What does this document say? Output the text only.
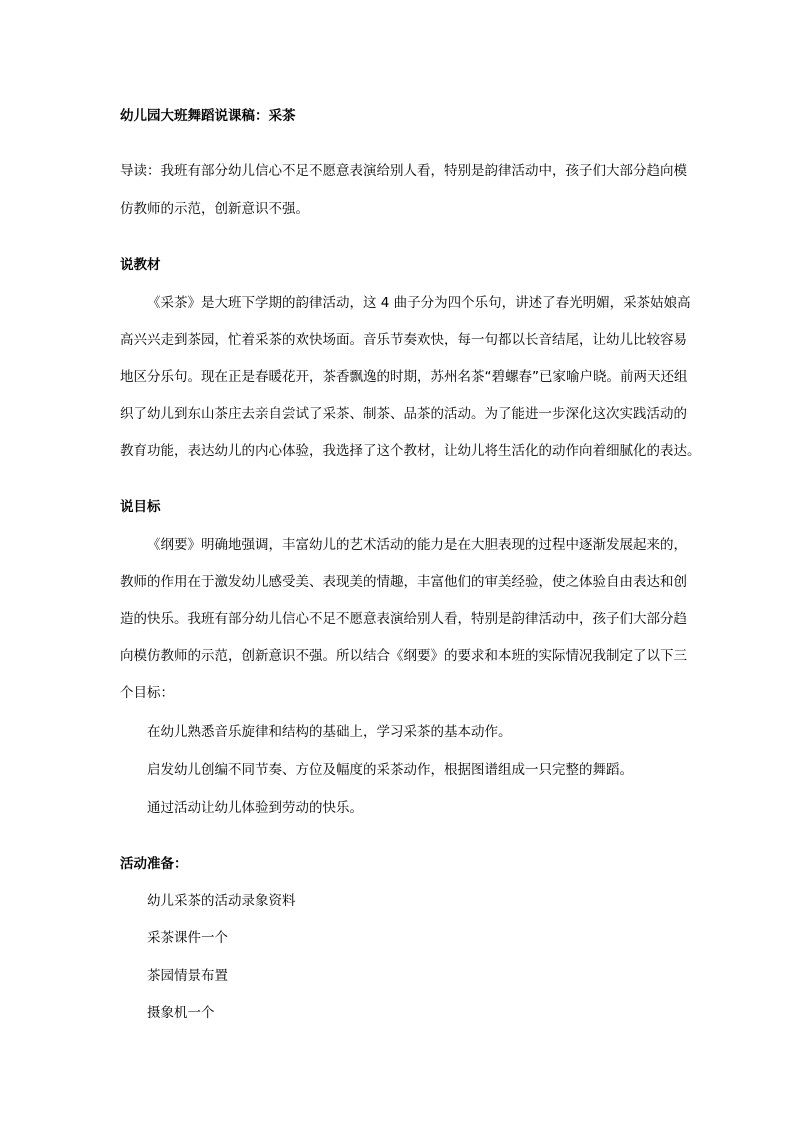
幼儿园大班舞蹈说课稿：采茶
导读：我班有部分幼儿信心不足不愿意表演给别人看，特别是韵律活动中，孩子们大部分趋向模
仿教师的示范，创新意识不强。
说教材
《采茶》是大班下学期的韵律活动，这 4 曲子分为四个乐句，讲述了春光明媚，采茶姑娘高
高兴兴走到茶园，忙着采茶的欢快场面。音乐节奏欢快，每一句都以长音结尾，让幼儿比较容易
地区分乐句。现在正是春暖花开，茶香飘逸的时期，苏州名茶“碧螺春”已家喻户晓。前两天还组
织了幼儿到东山茶庄去亲自尝试了采茶、制茶、品茶的活动。为了能进一步深化这次实践活动的
教育功能，表达幼儿的内心体验，我选择了这个教材，让幼儿将生活化的动作向着细腻化的表达。
说目标
《纲要》明确地强调，丰富幼儿的艺术活动的能力是在大胆表现的过程中逐渐发展起来的，
教师的作用在于激发幼儿感受美、表现美的情趣，丰富他们的审美经验，使之体验自由表达和创
造的快乐。我班有部分幼儿信心不足不愿意表演给别人看，特别是韵律活动中，孩子们大部分趋
向模仿教师的示范，创新意识不强。所以结合《纲要》的要求和本班的实际情况我制定了以下三
个目标：
在幼儿熟悉音乐旋律和结构的基础上，学习采茶的基本动作。
启发幼儿创编不同节奏、方位及幅度的采茶动作，根据图谱组成一只完整的舞蹈。
通过活动让幼儿体验到劳动的快乐。
活动准备：
幼儿采茶的活动录象资料
采茶课件一个
茶园情景布置
摄象机一个
